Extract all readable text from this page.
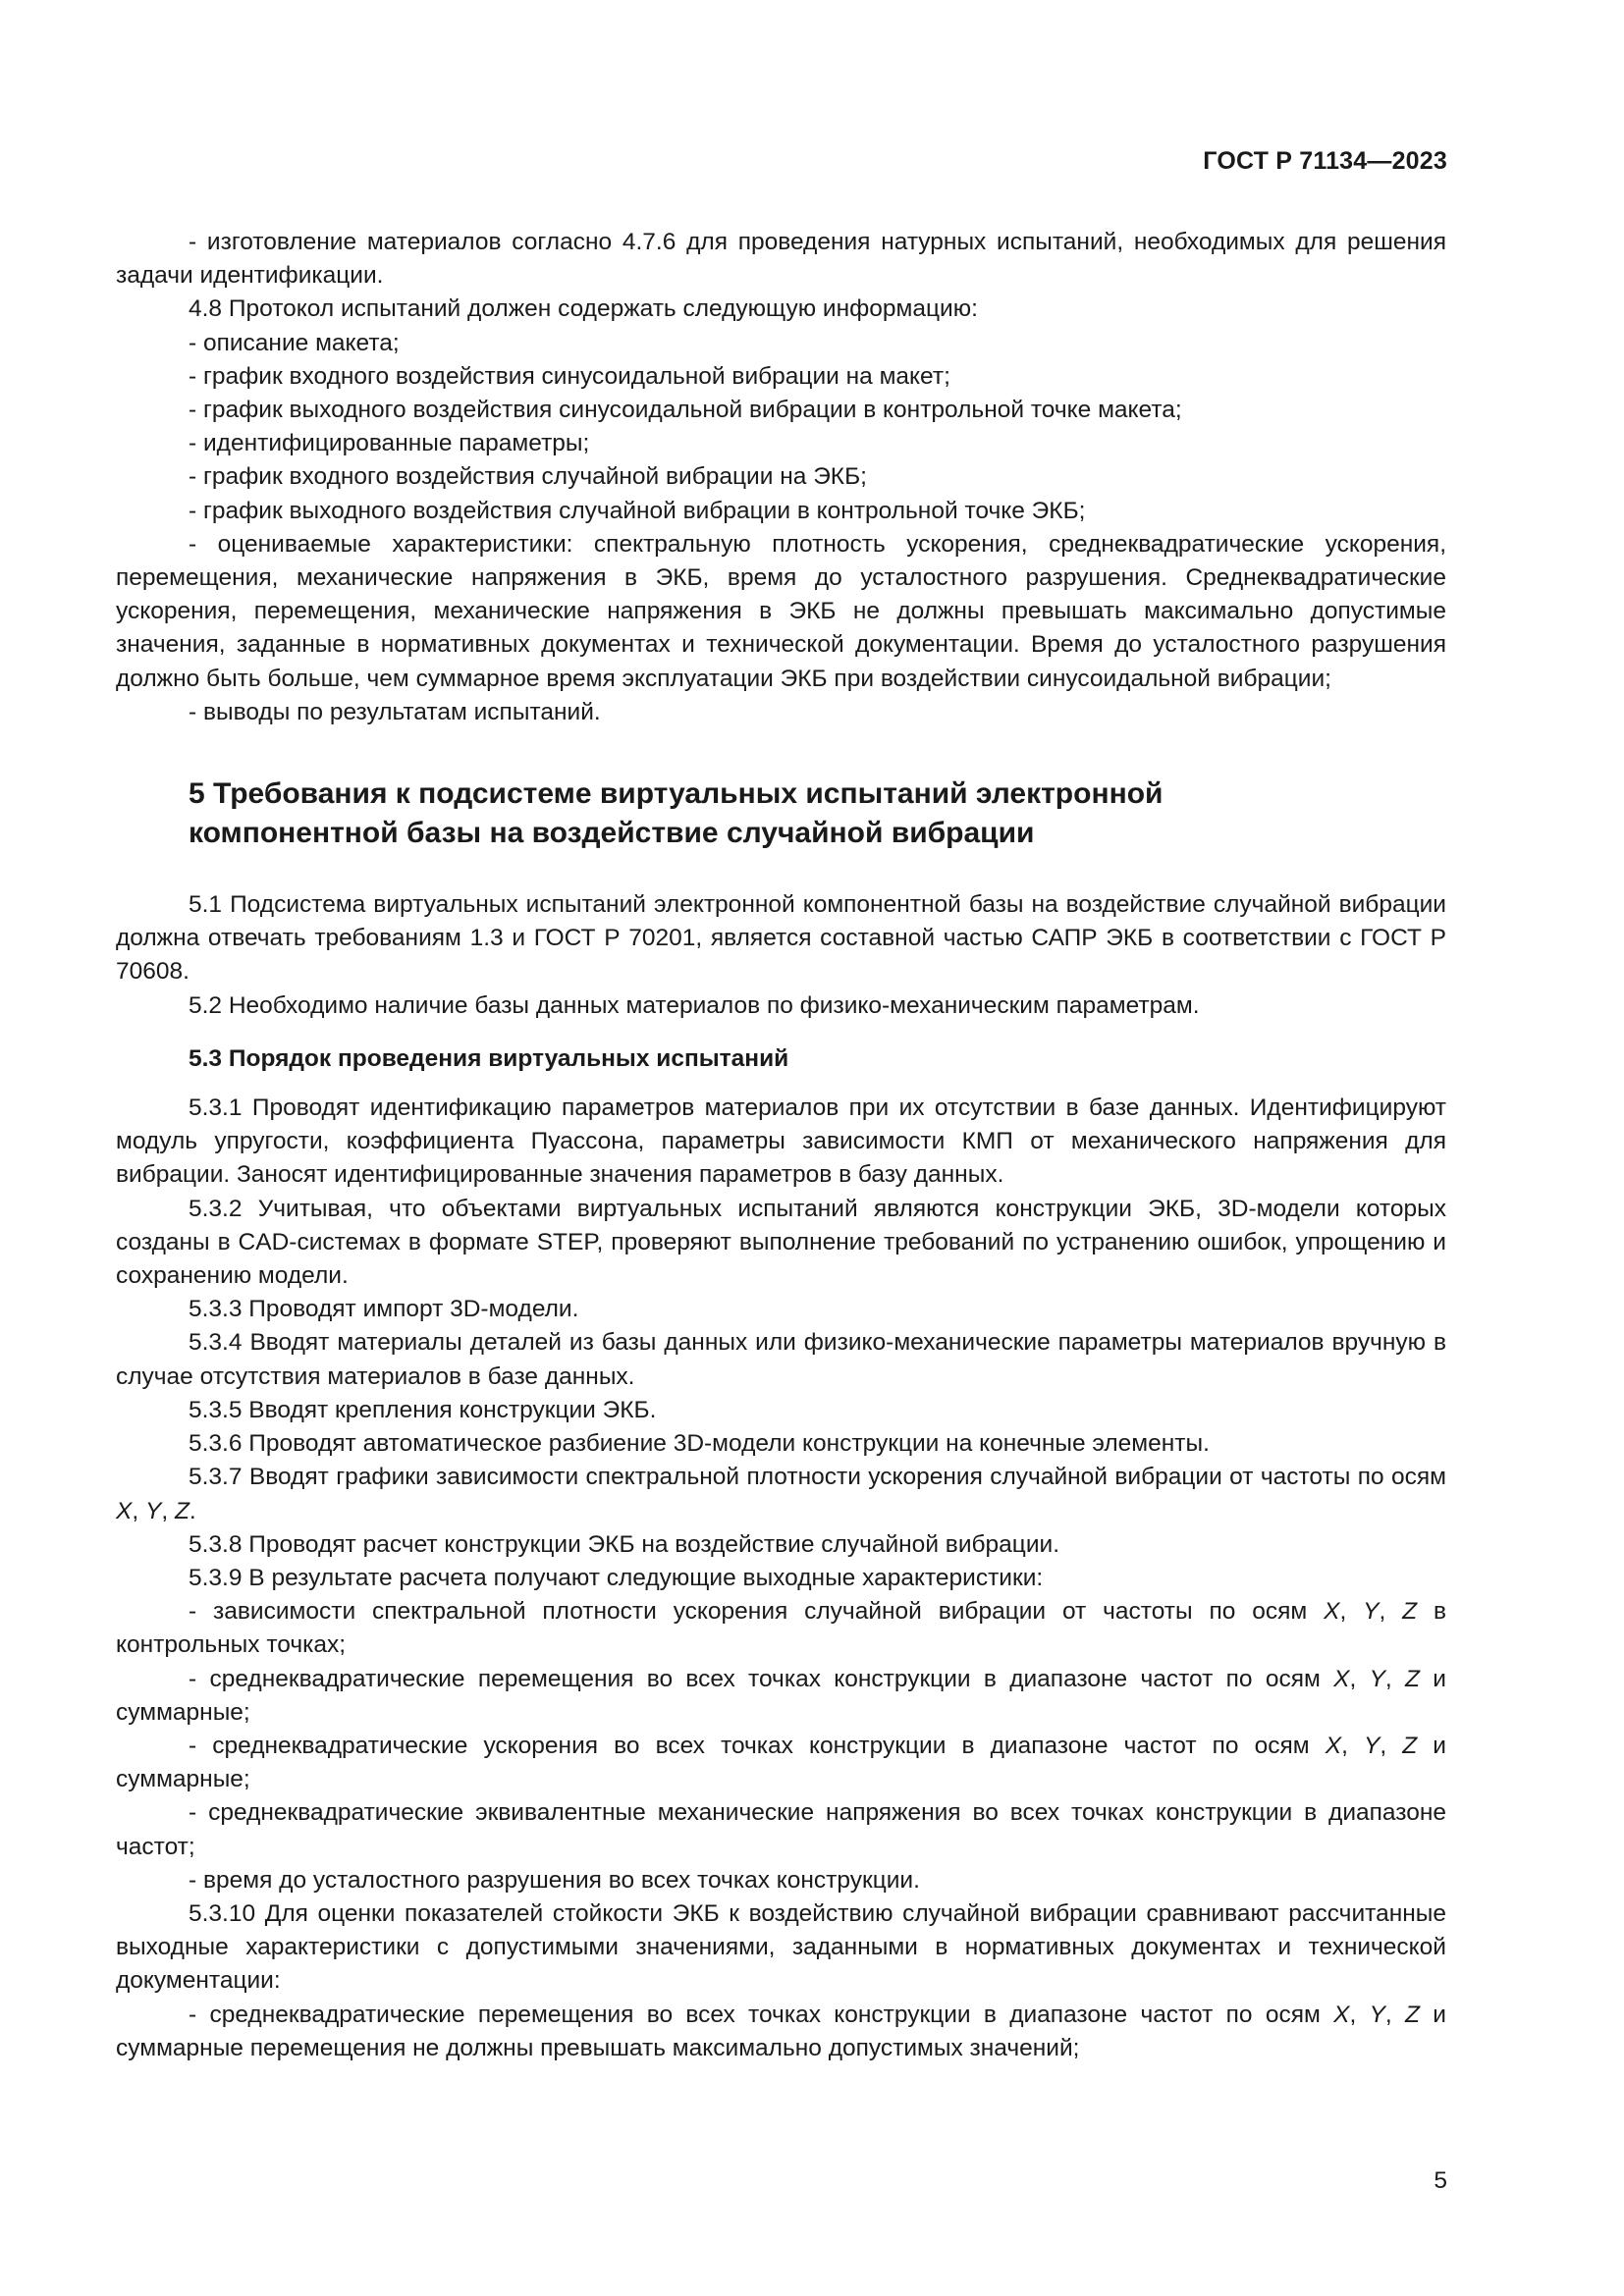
ГОСТ Р 71134—2023

- изготовление материалов согласно 4.7.6 для проведения натурных испытаний, необходимых для решения задачи идентификации.

4.8 Протокол испытаний должен содержать следующую информацию:

- описание макета;

- график входного воздействия синусоидальной вибрации на макет;

- график выходного воздействия синусоидальной вибрации в контрольной точке макета;

- идентифицированные параметры;

- график входного воздействия случайной вибрации на ЭКБ;

- график выходного воздействия случайной вибрации в контрольной точке ЭКБ;

- оцениваемые характеристики: спектральную плотность ускорения, среднеквадратические ускорения, перемещения, механические напряжения в ЭКБ, время до усталостного разрушения. Среднеквадратические ускорения, перемещения, механические напряжения в ЭКБ не должны превышать максимально допустимые значения, заданные в нормативных документах и технической документации. Время до усталостного разрушения должно быть больше, чем суммарное время эксплуатации ЭКБ при воздействии синусоидальной вибрации;

- выводы по результатам испытаний.

5 Требования к подсистеме виртуальных испытаний электронной
компонентной базы на воздействие случайной вибрации

5.1 Подсистема виртуальных испытаний электронной компонентной базы на воздействие случайной вибрации должна отвечать требованиям 1.3 и ГОСТ Р 70201, является составной частью САПР ЭКБ в соответствии с ГОСТ Р 70608.

5.2 Необходимо наличие базы данных материалов по физико-механическим параметрам.

5.3 Порядок проведения виртуальных испытаний

5.3.1 Проводят идентификацию параметров материалов при их отсутствии в базе данных. Идентифицируют модуль упругости, коэффициента Пуассона, параметры зависимости КМП от механического напряжения для вибрации. Заносят идентифицированные значения параметров в базу данных.

5.3.2 Учитывая, что объектами виртуальных испытаний являются конструкции ЭКБ, 3D-модели которых созданы в CAD-системах в формате STEP, проверяют выполнение требований по устранению ошибок, упрощению и сохранению модели.

5.3.3 Проводят импорт 3D-модели.

5.3.4 Вводят материалы деталей из базы данных или физико-механические параметры материалов вручную в случае отсутствия материалов в базе данных.

5.3.5 Вводят крепления конструкции ЭКБ.

5.3.6 Проводят автоматическое разбиение 3D-модели конструкции на конечные элементы.

5.3.7 Вводят графики зависимости спектральной плотности ускорения случайной вибрации от частоты по осям X, Y, Z.

5.3.8 Проводят расчет конструкции ЭКБ на воздействие случайной вибрации.

5.3.9 В результате расчета получают следующие выходные характеристики:

- зависимости спектральной плотности ускорения случайной вибрации от частоты по осям X, Y, Z в контрольных точках;

- среднеквадратические перемещения во всех точках конструкции в диапазоне частот по осям X, Y, Z и суммарные;

- среднеквадратические ускорения во всех точках конструкции в диапазоне частот по осям X, Y, Z и суммарные;

- среднеквадратические эквивалентные механические напряжения во всех точках конструкции в диапазоне частот;

- время до усталостного разрушения во всех точках конструкции.

5.3.10 Для оценки показателей стойкости ЭКБ к воздействию случайной вибрации сравнивают рассчитанные выходные характеристики с допустимыми значениями, заданными в нормативных документах и технической документации:

- среднеквадратические перемещения во всех точках конструкции в диапазоне частот по осям X, Y, Z и суммарные перемещения не должны превышать максимально допустимых значений;

5
